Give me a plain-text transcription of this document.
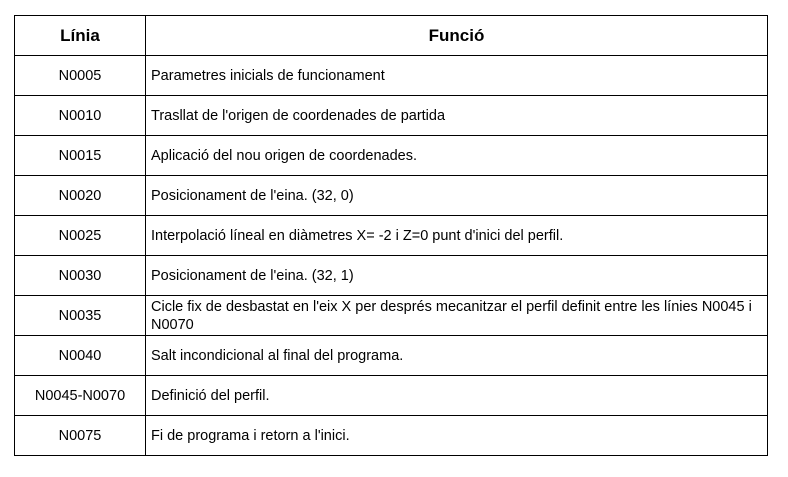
Línia	Funció
N0005	Parametres inicials de funcionament
N0010	Trasllat de l'origen de coordenades de partida
N0015	Aplicació del nou origen de coordenades.
N0020	Posicionament de l'eina. (32, 0)
N0025	Interpolació líneal en diàmetres X= -2 i Z=0 punt d'inici del perfil.
N0030	Posicionament de l'eina. (32, 1)
N0035	Cicle fix de desbastat en l'eix X per després mecanitzar el perfil definit entre les línies N0045 i N0070
N0040	Salt incondicional al final del programa.
N0045-N0070	Definició del perfil.
N0075	Fi de programa i retorn a l'inici.
